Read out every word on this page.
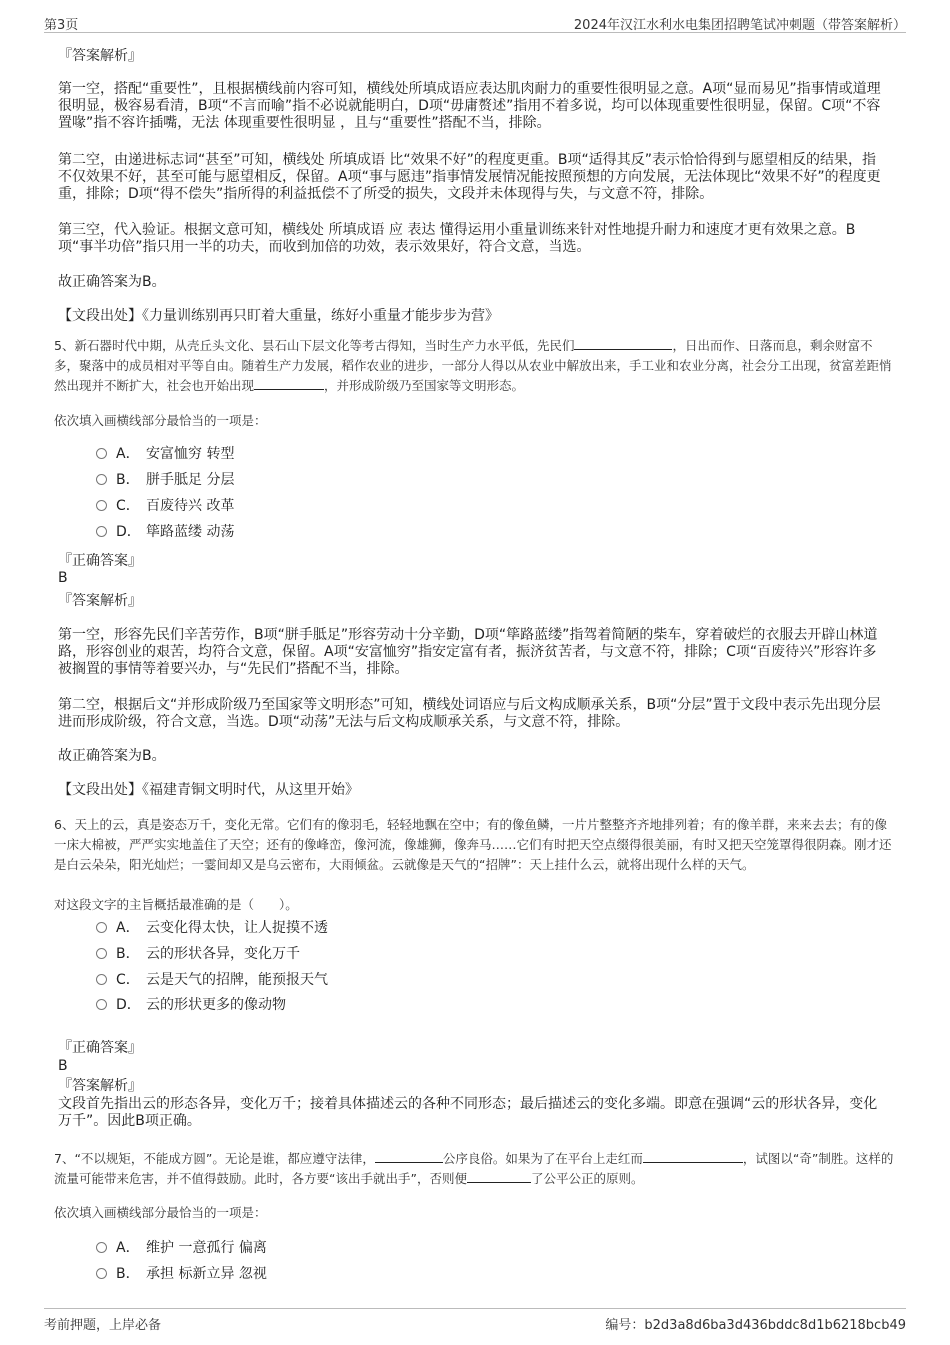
第3页	2024年汉江水利水电集团招聘笔试冲刺题（带答案解析）
『答案解析』

第一空，搭配“重要性”，且根据横线前内容可知，横线处所填成语应表达肌肉耐力的重要性很明显之意。A项“显而易见”指事情或道理很明显，极容易看清，B项“不言而喻”指不必说就能明白，D项“毋庸赘述”指用不着多说，均可以体现重要性很明显，保留。C项“不容置喙”指不容许插嘴，无法 体现重要性很明显 ，且与“重要性”搭配不当，排除。

第二空，由递进标志词“甚至”可知，横线处 所填成语 比“效果不好”的程度更重。B项“适得其反”表示恰恰得到与愿望相反的结果，指不仅效果不好，甚至可能与愿望相反，保留。A项“事与愿违”指事情发展情况能按照预想的方向发展，无法体现比“效果不好”的程度更重，排除；D项“得不偿失”指所得的利益抵偿不了所受的损失，文段并未体现得与失，与文意不符，排除。

第三空，代入验证。根据文意可知，横线处 所填成语 应 表达 懂得运用小重量训练来针对性地提升耐力和速度才更有效果之意。B项“事半功倍”指只用一半的功夫，而收到加倍的功效，表示效果好，符合文意，当选。

故正确答案为B。
【文段出处】《力量训练别再只盯着大重量，练好小重量才能步步为营》
5、新石器时代中期，从壳丘头文化、昙石山下层文化等考古得知，当时生产力水平低，先民们	，日出而作、日落而息，剩余财富不多，聚落中的成员相对平等自由。随着生产力发展，稻作农业的进步，一部分人得以从农业中解放出来，手工业和农业分离，社会分工出现，贫富差距悄然出现并不断扩大，社会也开始出现	，并形成阶级乃至国家等文明形态。
依次填入画横线部分最恰当的一项是：
A． 安富恤穷 转型
B． 胼手胝足 分层
C． 百废待兴 改革
D． 筚路蓝缕 动荡
『正确答案』
B
『答案解析』

第一空，形容先民们辛苦劳作，B项“胼手胝足”形容劳动十分辛勤，D项“筚路蓝缕”指驾着简陋的柴车，穿着破烂的衣服去开辟山林道路，形容创业的艰苦，均符合文意，保留。A项“安富恤穷”指安定富有者，振济贫苦者，与文意不符，排除；C项“百废待兴”形容许多被搁置的事情等着要兴办，与“先民们”搭配不当，排除。

第二空，根据后文“并形成阶级乃至国家等文明形态”可知，横线处词语应与后文构成顺承关系，B项“分层”置于文段中表示先出现分层进而形成阶级，符合文意，当选。D项“动荡”无法与后文构成顺承关系，与文意不符，排除。

故正确答案为B。
【文段出处】《福建青铜文明时代，从这里开始》
6、天上的云，真是姿态万千，变化无常。它们有的像羽毛，轻轻地飘在空中；有的像鱼鳞，一片片整整齐齐地排列着；有的像羊群，来来去去；有的像一床大棉被，严严实实地盖住了天空；还有的像峰峦，像河流，像雄狮，像奔马……它们有时把天空点缀得很美丽，有时又把天空笼罩得很阴森。刚才还是白云朵朵，阳光灿烂；一霎间却又是乌云密布，大雨倾盆。云就像是天气的“招牌”：天上挂什么云，就将出现什么样的天气。
对这段文字的主旨概括最准确的是（　　）。
A． 云变化得太快，让人捉摸不透
B． 云的形状各异，变化万千
C． 云是天气的招牌，能预报天气
D． 云的形状更多的像动物
『正确答案』
B
『答案解析』

文段首先指出云的形态各异，变化万千；接着具体描述云的各种不同形态；最后描述云的变化多端。即意在强调“云的形状各异，变化万千”。因此B项正确。

7、“不以规矩，不能成方圆”。无论是谁，都应遵守法律，	公序良俗。如果为了在平台上走红而	，试图以“奇”制胜。这样的流量可能带来危害，并不值得鼓励。此时，各方要“该出手就出手”，否则便	了公平公正的原则。
依次填入画横线部分最恰当的一项是：
A． 维护 一意孤行 偏离
B． 承担 标新立异 忽视
考前押题，上岸必备	编号：b2d3a8d6ba3d436bddc8d1b6218bcb49
